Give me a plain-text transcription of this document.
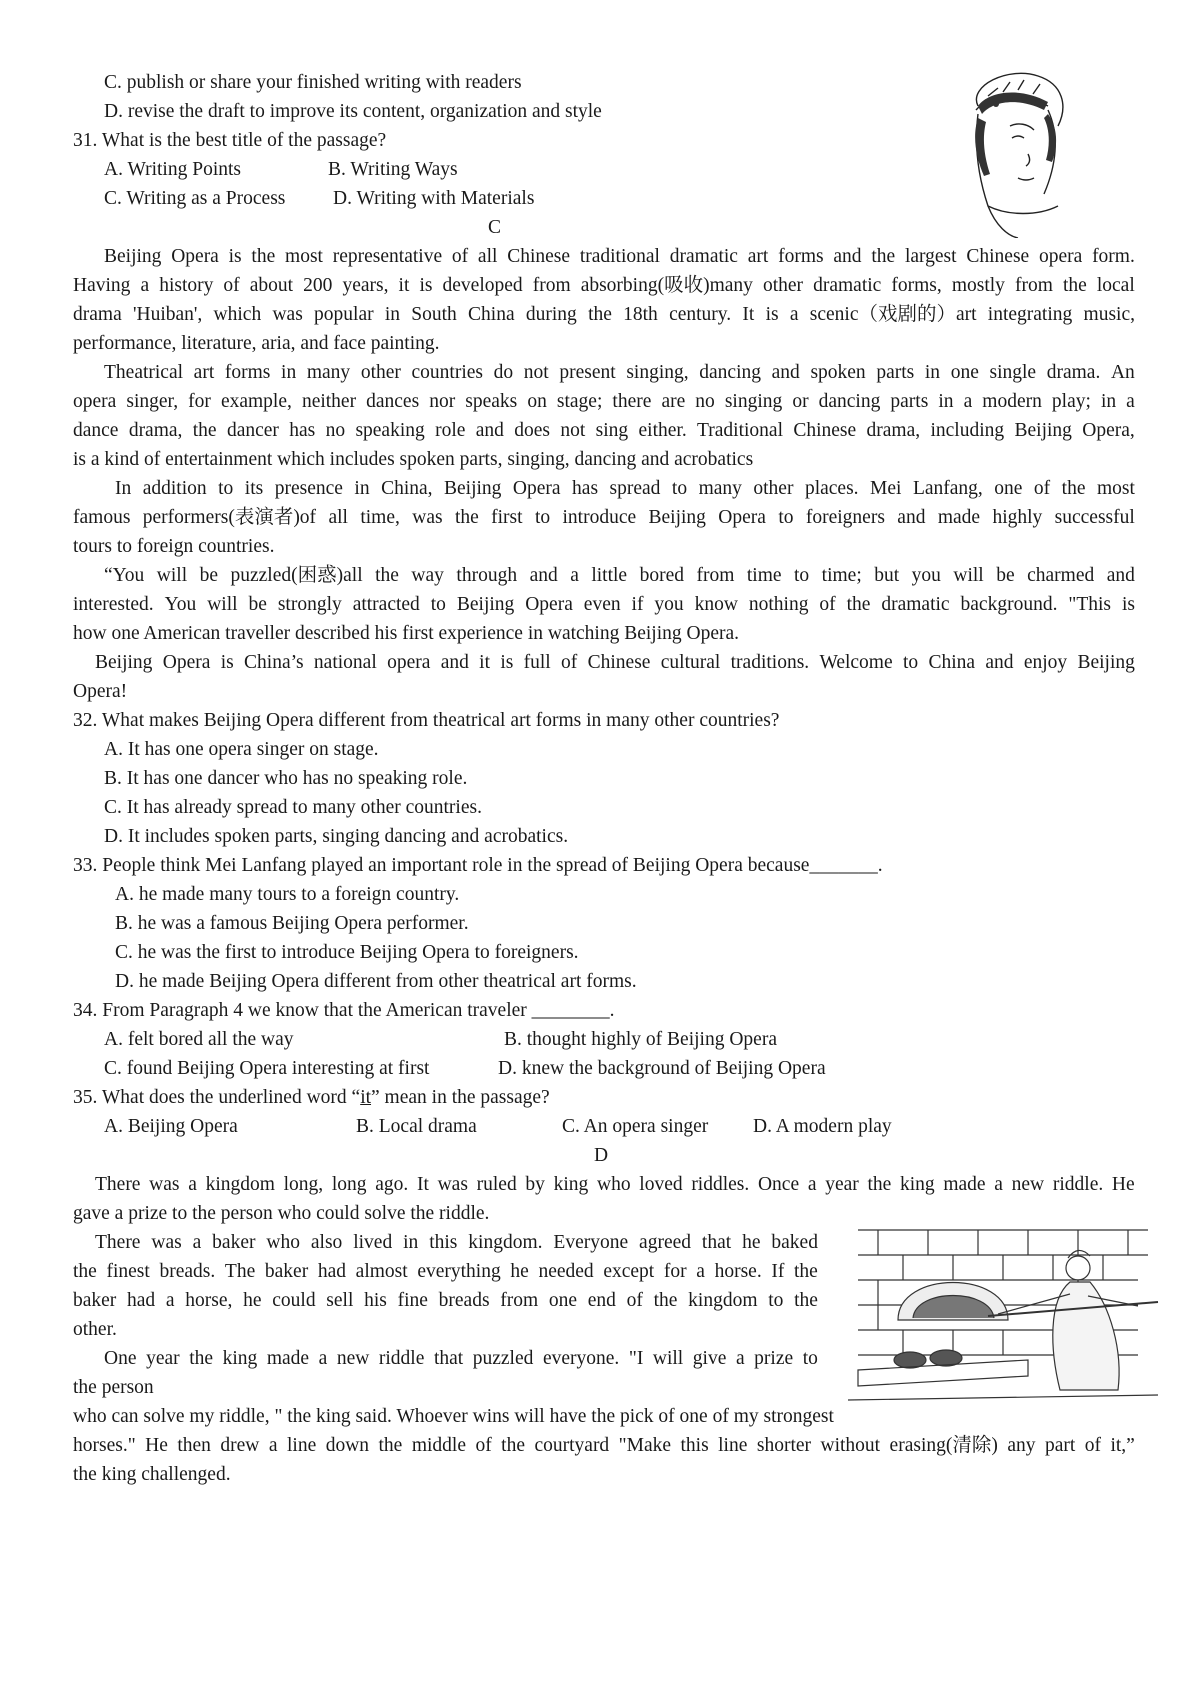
C. publish or share your finished writing with readers
D. revise the draft to improve its content, organization and style
31. What is the best title of the passage?
A. Writing Points	B. Writing Ways
C. Writing as a Process D. Writing with Materials
C
Beijing Opera is the most representative of all Chinese traditional dramatic art forms and the largest Chinese opera form.
Having a history of about 200 years, it is developed from absorbing(吸收)many other dramatic forms, mostly from the local
drama 'Huiban', which was popular in South China during the 18th century. It is a scenic（戏剧的）art integrating music,
performance, literature, aria, and face painting.
Theatrical art forms in many other countries do not present singing, dancing and spoken parts in one single drama. An
opera singer, for example, neither dances nor speaks on stage; there are no singing or dancing parts in a modern play; in a
dance drama, the dancer has no speaking role and does not sing either. Traditional Chinese drama, including Beijing Opera,
is a kind of entertainment which includes spoken parts, singing, dancing and acrobatics
In addition to its presence in China, Beijing Opera has spread to many other places. Mei Lanfang, one of the most
famous performers(表演者)of all time, was the first to introduce Beijing Opera to foreigners and made highly successful
tours to foreign countries.
“You will be puzzled(困惑)all the way through and a little bored from time to time; but you will be charmed and
interested. You will be strongly attracted to Beijing Opera even if you know nothing of the dramatic background. "This is
how one American traveller described his first experience in watching Beijing Opera.
Beijing Opera is China’s national opera and it is full of Chinese cultural traditions. Welcome to China and enjoy Beijing
Opera!
32. What makes Beijing Opera different from theatrical art forms in many other countries?
A. It has one opera singer on stage.
B. It has one dancer who has no speaking role.
C. It has already spread to many other countries.
D. It includes spoken parts, singing dancing and acrobatics.
33. People think Mei Lanfang played an important role in the spread of Beijing Opera because_______.
A. he made many tours to a foreign country.
B. he was a famous Beijing Opera performer.
C. he was the first to introduce Beijing Opera to foreigners.
D. he made Beijing Opera different from other theatrical art forms.
34. From Paragraph 4 we know that the American traveler ________.
A. felt bored all the way	B. thought highly of Beijing Opera
C. found Beijing Opera interesting at first	D. knew the background of Beijing Opera
35. What does the underlined word “it” mean in the passage?
A. Beijing Opera	B. Local drama	C. An opera singer D. A modern play
D
There was a kingdom long, long ago. It was ruled by king who loved riddles. Once a year the king made a new riddle. He
gave a prize to the person who could solve the riddle.
There was a baker who also lived in this kingdom. Everyone agreed that he baked
the finest breads. The baker had almost everything he needed except for a horse. If the
baker had a horse, he could sell his fine breads from one end of the kingdom to the
other.
One year the king made a new riddle that puzzled everyone. "I will give a prize to
the person
who can solve my riddle, " the king said. Whoever wins will have the pick of one of my strongest
horses." He then drew a line down the middle of the courtyard "Make this line shorter without erasing(清除) any part of it,”
the king challenged.
